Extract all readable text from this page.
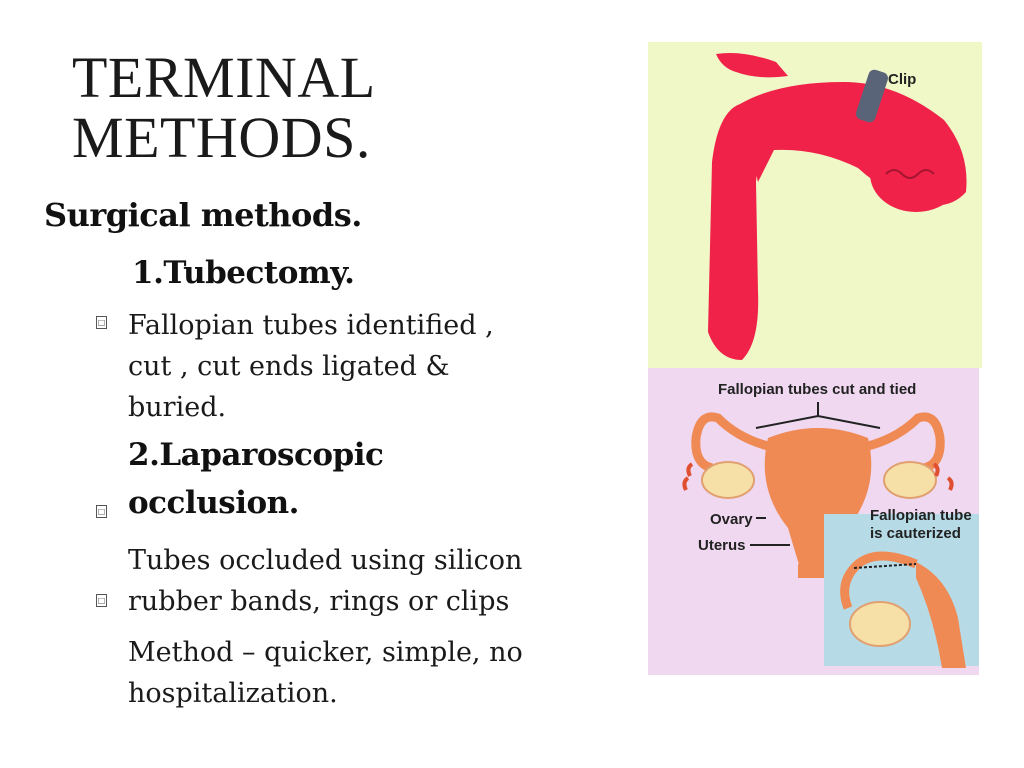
TERMINAL
METHODS.
Surgical methods.
1.Tubectomy.
□ Fallopian tubes identified ,
cut , cut ends ligated &
buried.
2.Laparoscopic
occlusion.
□
□
Tubes occluded using silicon
rubber bands, rings or clips
Method – quicker, simple, no
hospitalization.
Clip
Fallopian tubes cut and tied
Ovary
Uterus
Fallopian tube
is cauterized
